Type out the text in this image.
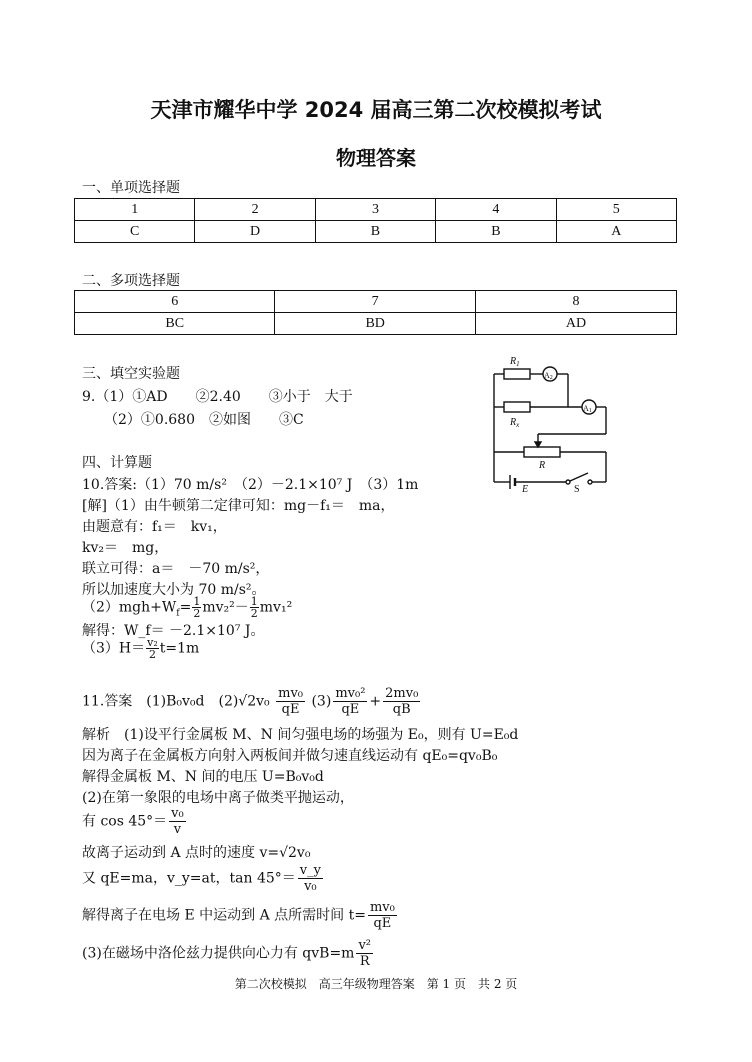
天津市耀华中学 2024 届高三第二次校模拟考试
物理答案
一、单项选择题
1	2	3	4	5
C	D	B	B	A
二、多项选择题
6	7	8
BC	BD	AD
三、填空实验题
9.（1）①AD　　②2.40　　③小于　大于
（2）①0.680　②如图　　③C
$R_1$
A2
A1
$R_x$
R
E	S
四、计算题
10.答案:（1）70 m/s²　（2）－2.1×10⁷ J　（3）1m
[解]（1）由牛顿第二定律可知：mg－f₁＝　ma，
由题意有：f₁＝　kv₁，
kv₂＝　mg，
联立可得：a＝　－70 m/s²，
所以加速度大小为 70 m/s²。
$(2)mgh+W_f= \frac{1}{2} mv_2^2- \frac{1}{2} mv_1^2$
解得：W_f＝ －2.1×10⁷ J。
$(3)H= \frac{\text{v₂}}{2} t=1m$
11.答案　(1)B₀v₀d　$(2)√2v_0 \frac{\text{mv₀}}{qE} (3) \frac{\text{mv₀²}}{qE} + \frac{\text{2mv₀}}{qB}$
解析　(1)设平行金属板 M、N 间匀强电场的场强为 E₀，则有 U=E₀d
因为离子在金属板方向射入两板间并做匀速直线运动有 qE₀=qv₀B₀
解得金属板 M、N 间的电压 U=B₀v₀d
(2)在第一象限的电场中离子做类平抛运动，
有 $\cos 45^\circ= \frac{\text{v₀}}{v}$
故离子运动到 A 点时的速度 v=√2v₀
又 qE=ma，v_y=at，$\tan 45^\circ= \frac{v\_y}{\text{v₀}}$
解得离子在电场 E 中运动到 A 点所需时间 $t= \frac{\text{mv₀}}{qE}$
(3)在磁场中洛伦兹力提供向心力有 $qvB=m \frac{\text{v²}}{R}$
第二次校模拟　高三年级物理答案　第 1 页　共 2 页
